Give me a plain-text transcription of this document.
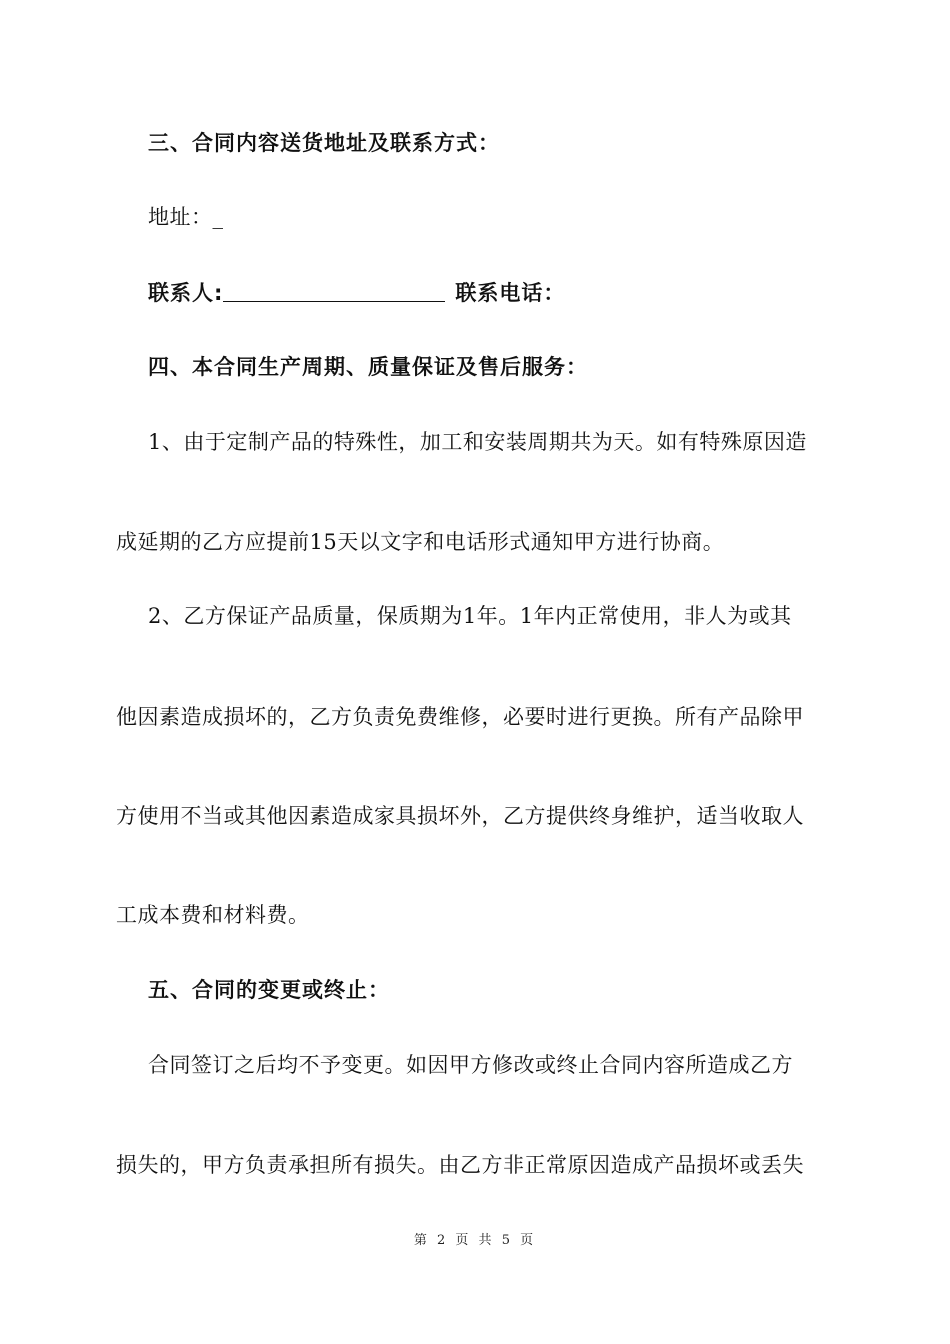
三、合同内容送货地址及联系方式：
地址：_
联系人:	联系电话：
四、本合同生产周期、质量保证及售后服务：
1、由于定制产品的特殊性，加工和安装周期共为天。如有特殊原因造
成延期的乙方应提前15天以文字和电话形式通知甲方进行协商。
2、乙方保证产品质量，保质期为1年。1年内正常使用，非人为或其
他因素造成损坏的，乙方负责免费维修，必要时进行更换。所有产品除甲
方使用不当或其他因素造成家具损坏外，乙方提供终身维护，适当收取人
工成本费和材料费。
五、合同的变更或终止：
合同签订之后均不予变更。如因甲方修改或终止合同内容所造成乙方
损失的，甲方负责承担所有损失。由乙方非正常原因造成产品损坏或丢失
第 2 页 共 5 页
